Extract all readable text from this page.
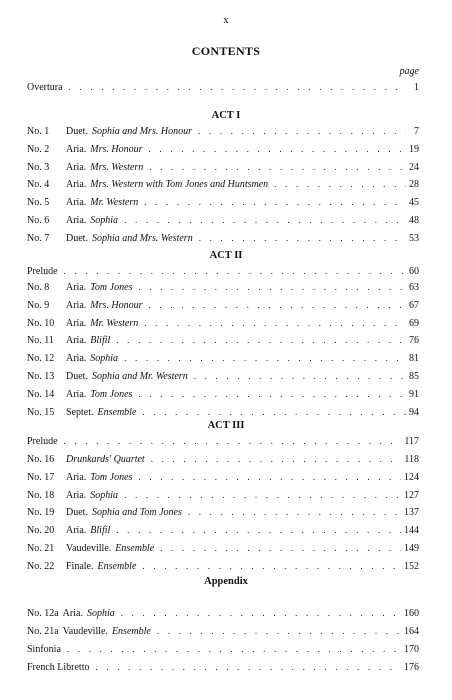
x
CONTENTS
page
Overtura . . .	1
ACT I
No. 1	Duet. Sophia and Mrs. Honour . . .	7
No. 2	Aria. Mrs. Honour . . .	19
No. 3	Aria. Mrs. Western . . .	24
No. 4	Aria. Mrs. Western with Tom Jones and Huntsmen . . .	28
No. 5	Aria. Mr. Western . . .	45
No. 6	Aria. Sophia . . .	48
No. 7	Duet. Sophia and Mrs. Western . . .	53
ACT II
Prelude . . .	60
No. 8	Aria. Tom Jones . . .	63
No. 9	Aria. Mrs. Honour . . .	67
No. 10	Aria. Mr. Western . . .	69
No. 11	Aria. Blifil . . .	76
No. 12	Aria. Sophia . . .	81
No. 13	Duet. Sophia and Mr. Western . . .	85
No. 14	Aria. Tom Jones . . .	91
No. 15	Septet. Ensemble . . .	94
ACT III
Prelude . . .	117
No. 16	Drunkards' Quartet . . .	118
No. 17	Aria. Tom Jones . . .	124
No. 18	Aria. Sophia . . .	127
No. 19	Duet. Sophia and Tom Jones . . .	137
No. 20	Aria. Blifil . . .	144
No. 21	Vaudeville. Ensemble . . .	149
No. 22	Finale. Ensemble . . .	152
Appendix
No. 12a Aria. Sophia . . .	160
No. 21a Vaudeville. Ensemble . . .	164
Sinfonia . . .	170
French Libretto . . .	176
